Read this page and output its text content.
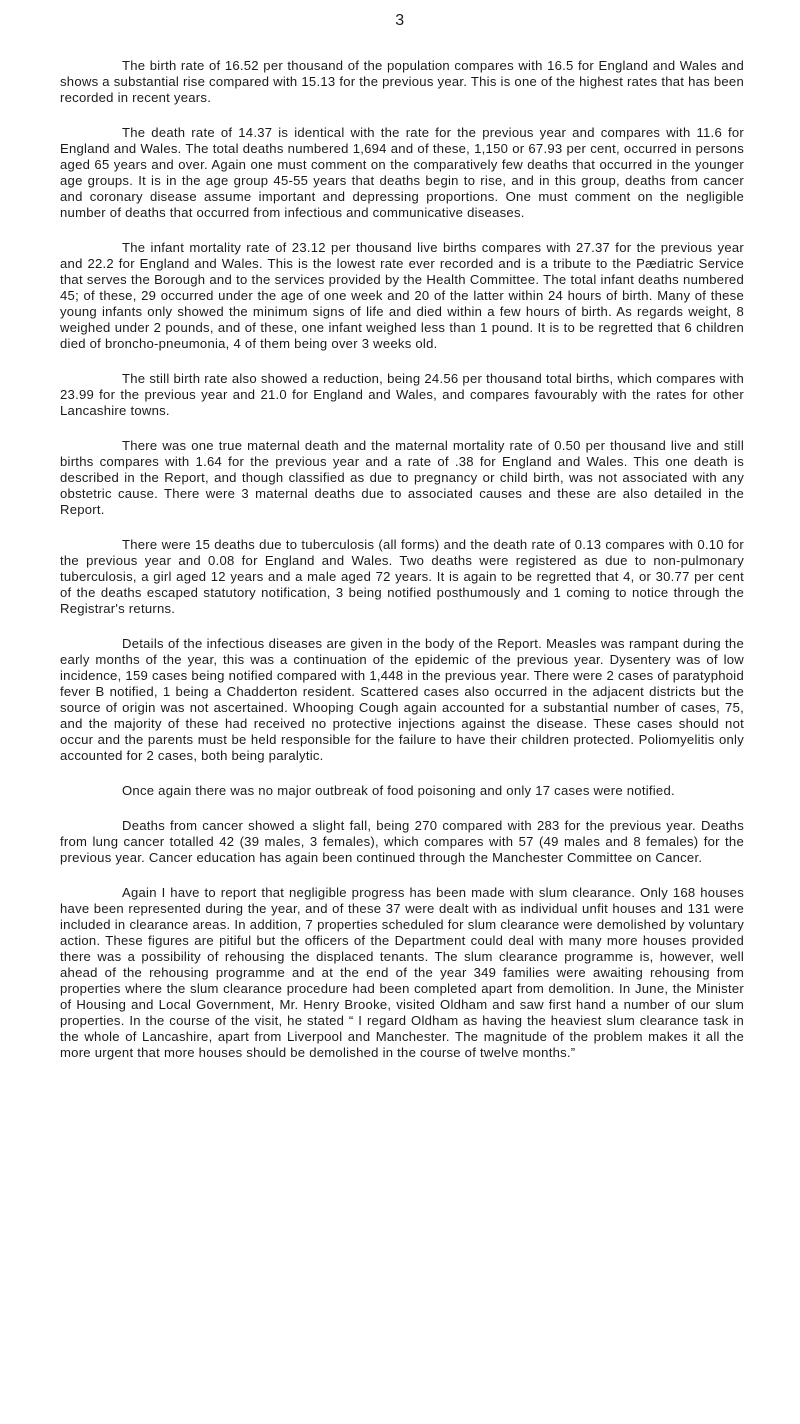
3

The birth rate of 16.52 per thousand of the population compares with 16.5 for England and Wales and shows a substantial rise compared with 15.13 for the previous year. This is one of the highest rates that has been recorded in recent years.

The death rate of 14.37 is identical with the rate for the previous year and compares with 11.6 for England and Wales. The total deaths numbered 1,694 and of these, 1,150 or 67.93 per cent, occurred in persons aged 65 years and over. Again one must comment on the comparatively few deaths that occurred in the younger age groups. It is in the age group 45-55 years that deaths begin to rise, and in this group, deaths from cancer and coronary disease assume important and depressing proportions. One must comment on the negligible number of deaths that occurred from infectious and communicative diseases.

The infant mortality rate of 23.12 per thousand live births compares with 27.37 for the previous year and 22.2 for England and Wales. This is the lowest rate ever recorded and is a tribute to the Pædiatric Service that serves the Borough and to the services provided by the Health Committee. The total infant deaths numbered 45; of these, 29 occurred under the age of one week and 20 of the latter within 24 hours of birth. Many of these young infants only showed the minimum signs of life and died within a few hours of birth. As regards weight, 8 weighed under 2 pounds, and of these, one infant weighed less than 1 pound. It is to be regretted that 6 children died of broncho-pneumonia, 4 of them being over 3 weeks old.

The still birth rate also showed a reduction, being 24.56 per thousand total births, which compares with 23.99 for the previous year and 21.0 for England and Wales, and compares favourably with the rates for other Lancashire towns.

There was one true maternal death and the maternal mortality rate of 0.50 per thousand live and still births compares with 1.64 for the previous year and a rate of .38 for England and Wales. This one death is described in the Report, and though classified as due to pregnancy or child birth, was not associated with any obstetric cause. There were 3 maternal deaths due to associated causes and these are also detailed in the Report.

There were 15 deaths due to tuberculosis (all forms) and the death rate of 0.13 compares with 0.10 for the previous year and 0.08 for England and Wales. Two deaths were registered as due to non-pulmonary tuberculosis, a girl aged 12 years and a male aged 72 years. It is again to be regretted that 4, or 30.77 per cent of the deaths escaped statutory notification, 3 being notified posthumously and 1 coming to notice through the Registrar's returns.

Details of the infectious diseases are given in the body of the Report. Measles was rampant during the early months of the year, this was a continuation of the epidemic of the previous year. Dysentery was of low incidence, 159 cases being notified compared with 1,448 in the previous year. There were 2 cases of paratyphoid fever B notified, 1 being a Chadderton resident. Scattered cases also occurred in the adjacent districts but the source of origin was not ascertained. Whooping Cough again accounted for a substantial number of cases, 75, and the majority of these had received no protective injections against the disease. These cases should not occur and the parents must be held responsible for the failure to have their children protected. Poliomyelitis only accounted for 2 cases, both being paralytic.

Once again there was no major outbreak of food poisoning and only 17 cases were notified.

Deaths from cancer showed a slight fall, being 270 compared with 283 for the previous year. Deaths from lung cancer totalled 42 (39 males, 3 females), which compares with 57 (49 males and 8 females) for the previous year. Cancer education has again been continued through the Manchester Committee on Cancer.

Again I have to report that negligible progress has been made with slum clearance. Only 168 houses have been represented during the year, and of these 37 were dealt with as individual unfit houses and 131 were included in clearance areas. In addition, 7 properties scheduled for slum clearance were demolished by voluntary action. These figures are pitiful but the officers of the Department could deal with many more houses provided there was a possibility of rehousing the displaced tenants. The slum clearance programme is, however, well ahead of the rehousing programme and at the end of the year 349 families were awaiting rehousing from properties where the slum clearance procedure had been completed apart from demolition. In June, the Minister of Housing and Local Government, Mr. Henry Brooke, visited Oldham and saw first hand a number of our slum properties. In the course of the visit, he stated “ I regard Oldham as having the heaviest slum clearance task in the whole of Lancashire, apart from Liverpool and Manchester. The magnitude of the problem makes it all the more urgent that more houses should be demolished in the course of twelve months.”
